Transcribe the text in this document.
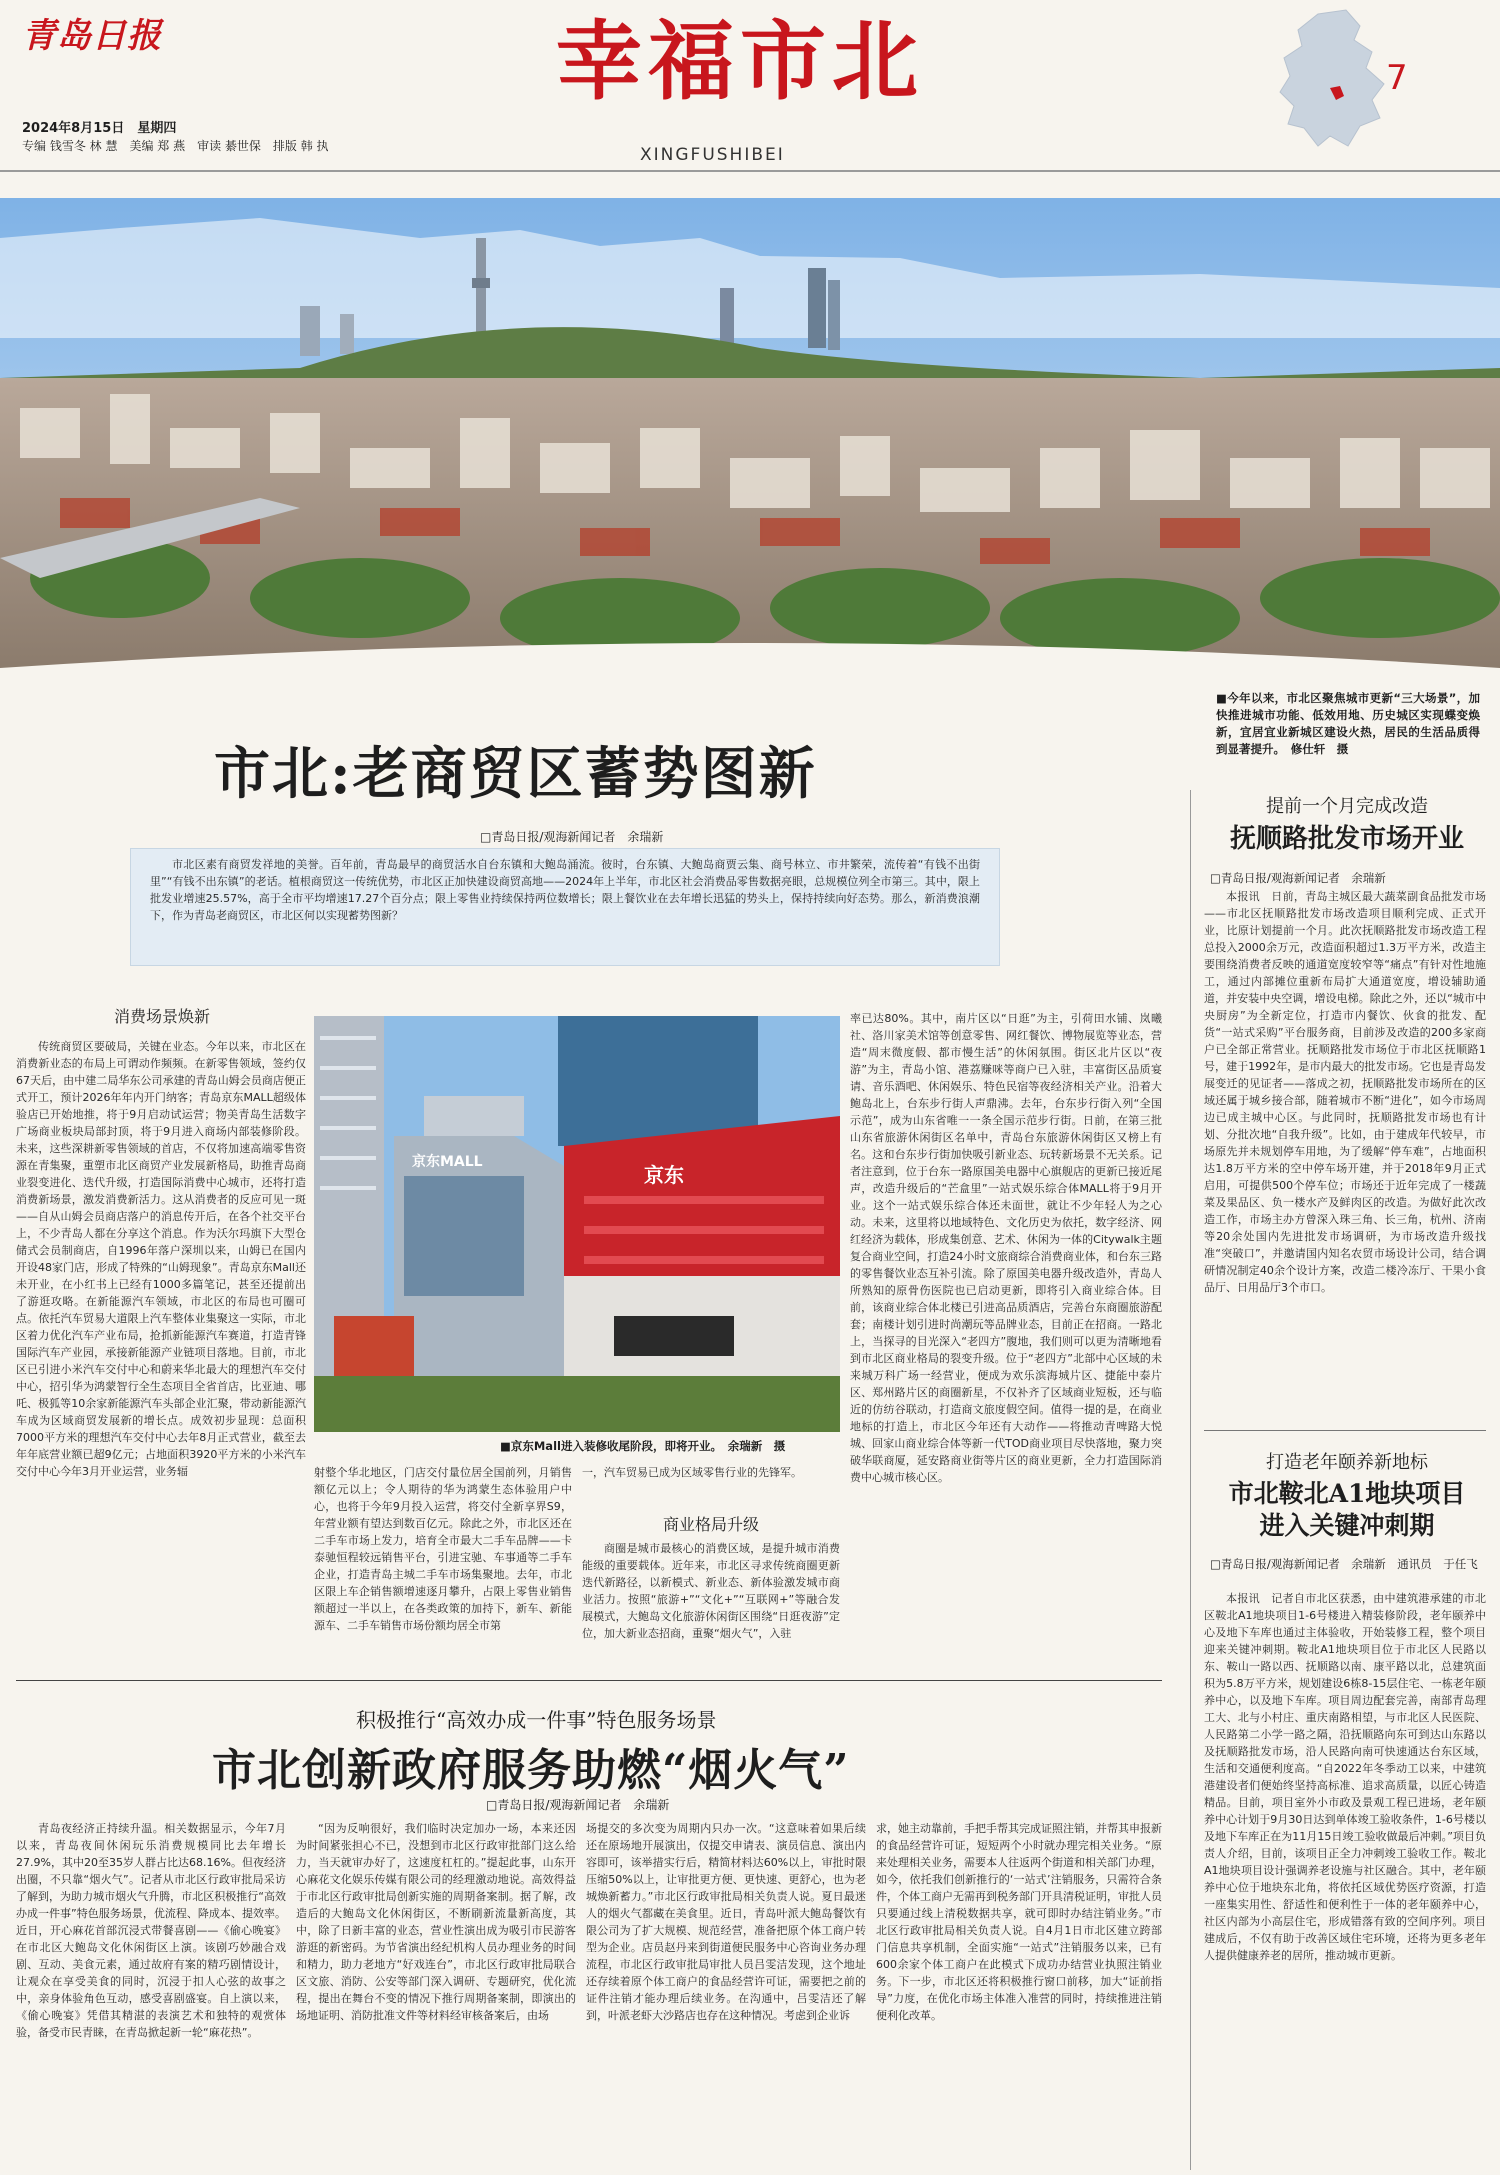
青岛日报
2024年8月15日　星期四
专编 钱雪冬 林 慧　美编 郑 燕　审读 綦世保　排版 韩 执
幸福市北
XINGFUSHIBEI
7
■今年以来，市北区聚焦城市更新“三大场景”，加快推进城市功能、低效用地、历史城区实现蝶变焕新，宜居宜业新城区建设火热，居民的生活品质得到显著提升。　修仕轩　摄
市北:老商贸区蓄势图新
□青岛日报/观海新闻记者　余瑞新
市北区素有商贸发祥地的美誉。百年前，青岛最早的商贸活水自台东镇和大鲍岛涌流。彼时，台东镇、大鲍岛商贾云集、商号林立、市井繁荣，流传着“有钱不出街里”“有钱不出东镇”的老话。植根商贸这一传统优势，市北区正加快建设商贸高地——2024年上半年，市北区社会消费品零售数据亮眼，总规模位列全市第三。其中，限上批发业增速25.57%，高于全市平均增速17.27个百分点；限上零售业持续保持两位数增长；限上餐饮业在去年增长迅猛的势头上，保持持续向好态势。那么，新消费浪潮下，作为青岛老商贸区，市北区何以实现蓄势图新？
消费场景焕新
传统商贸区要破局，关键在业态。今年以来，市北区在消费新业态的布局上可谓动作频频。在新零售领域，签约仅67天后，由中建二局华东公司承建的青岛山姆会员商店便正式开工，预计2026年年内开门纳客；青岛京东MALL超级体验店已开始地推，将于9月启动试运营；物美青岛生活数字广场商业板块局部封顶，将于9月进入商场内部装修阶段。未来，这些深耕新零售领域的首店，不仅将加速高端零售资源在青集聚，重塑市北区商贸产业发展新格局，助推青岛商业裂变进化、迭代升级，打造国际消费中心城市，还将打造消费新场景，激发消费新活力。这从消费者的反应可见一斑——自从山姆会员商店落户的消息传开后，在各个社交平台上，不少青岛人都在分享这个消息。作为沃尔玛旗下大型仓储式会员制商店，自1996年落户深圳以来，山姆已在国内开设48家门店，形成了特殊的“山姆现象”。青岛京东Mall还未开业，在小红书上已经有1000多篇笔记，甚至还提前出了游逛攻略。在新能源汽车领域，市北区的布局也可圈可点。依托汽车贸易大道限上汽车整体业集聚这一实际，市北区着力优化汽车产业布局，抢抓新能源汽车赛道，打造青锋国际汽车产业园，承接新能源产业链项目落地。目前，市北区已引进小米汽车交付中心和蔚来华北最大的理想汽车交付中心，招引华为鸿蒙智行全生态项目全省首店，比亚迪、哪吒、极狐等10余家新能源汽车头部企业汇聚，带动新能源汽车成为区域商贸发展新的增长点。成效初步显现：总面积7000平方米的理想汽车交付中心去年8月正式营业，截至去年年底营业额已超9亿元；占地面积3920平方米的小米汽车交付中心今年3月开业运营，业务辐
京东MALL
京东
■京东Mall进入装修收尾阶段，即将开业。　余瑞新　摄
射整个华北地区，门店交付量位居全国前列，月销售额亿元以上；令人期待的华为鸿蒙生态体验用户中心，也将于今年9月投入运营，将交付全新享界S9，年营业额有望达到数百亿元。除此之外，市北区还在二手车市场上发力，培育全市最大二手车品牌——卡泰驰恒程较远销售平台，引进宝驰、车事通等二手车企业，打造青岛主城二手车市场集聚地。去年，市北区限上车企销售额增速逐月攀升，占限上零售业销售额超过一半以上，在各类政策的加持下，新车、新能源车、二手车销售市场份额均居全市第
一，汽车贸易已成为区域零售行业的先锋军。
商业格局升级
商圈是城市最核心的消费区域，是提升城市消费能级的重要载体。近年来，市北区寻求传统商圈更新迭代新路径，以新模式、新业态、新体验激发城市商业活力。按照“旅游+”“文化+”“互联网+”等融合发展模式，大鲍岛文化旅游休闲街区围绕“日逛夜游”定位，加大新业态招商，重聚“烟火气”，入驻
率已达80%。其中，南片区以“日逛”为主，引荷田水铺、岚曦社、洛川家美术馆等创意零售、网红餐饮、博物展览等业态，营造“周末微度假、都市慢生活”的休闲氛围。街区北片区以“夜游”为主，青岛小馆、港荔赚咪等商户已入驻，丰富街区品质宴请、音乐酒吧、休闲娱乐、特色民宿等夜经济相关产业。沿着大鲍岛北上，台东步行街人声鼎沸。去年，台东步行街入列“全国示范”，成为山东省唯一一条全国示范步行街。日前，在第三批山东省旅游休闲街区名单中，青岛台东旅游休闲街区又榜上有名。这和台东步行街加快吸引新业态、玩转新场景不无关系。记者注意到，位于台东一路原国美电器中心旗舰店的更新已接近尾声，改造升级后的“芒盒里”一站式娱乐综合体MALL将于9月开业。这个一站式娱乐综合体还未面世，就让不少年轻人为之心动。未来，这里将以地域特色、文化历史为依托，数字经济、网红经济为载体，形成集创意、艺术、休闲为一体的Citywalk主题复合商业空间，打造24小时文旅商综合消费商业体，和台东三路的零售餐饮业态互补引流。除了原国美电器升级改造外，青岛人所熟知的原骨伤医院也已启动更新，即将引入商业综合体。目前，该商业综合体北楼已引进高品质酒店，完善台东商圈旅游配套；南楼计划引进时尚潮玩等品牌业态，目前正在招商。一路北上，当探寻的目光深入“老四方”腹地，我们则可以更为清晰地看到市北区商业格局的裂变升级。位于“老四方”北部中心区域的未来城万科广场一经营业，便成为欢乐滨海城片区、捷能中泰片区、郑州路片区的商圈新星，不仅补齐了区域商业短板，还与临近的仿纺谷联动，打造商文旅度假空间。值得一提的是，在商业地标的打造上，市北区今年还有大动作——将推动青啤路大悦城、回家山商业综合体等新一代TOD商业项目尽快落地，聚力突破华联商厦，延安路商业街等片区的商业更新，全力打造国际消费中心城市核心区。
积极推行“高效办成一件事”特色服务场景
市北创新政府服务助燃“烟火气”
□青岛日报/观海新闻记者　余瑞新
青岛夜经济正持续升温。相关数据显示，今年7月以来，青岛夜间休闲玩乐消费规模同比去年增长27.9%，其中20至35岁人群占比达68.16%。但夜经济出圈，不只靠“烟火气”。记者从市北区行政审批局采访了解到，为助力城市烟火气升腾，市北区积极推行“高效办成一件事”特色服务场景，优流程、降成本、提效率。近日，开心麻花首部沉浸式带餐喜剧——《偷心晚宴》在市北区大鲍岛文化休闲街区上演。该剧巧妙融合戏剧、互动、美食元素，通过故府有案的精巧剧情设计，让观众在享受美食的同时，沉浸于扣人心弦的故事之中，亲身体验角色互动，感受喜剧盛宴。自上演以来，《偷心晚宴》凭借其精湛的表演艺术和独特的观赏体验，备受市民青睐，在青岛掀起新一轮“麻花热”。
“因为反响很好，我们临时决定加办一场，本来还因为时间紧张担心不已，没想到市北区行政审批部门这么给力，当天就审办好了，这速度杠杠的。”提起此事，山东开心麻花文化娱乐传媒有限公司的经理激动地说。高效得益于市北区行政审批局创新实施的周期备案制。据了解，改造后的大鲍岛文化休闲街区，不断刷新流量新高度，其中，除了日新丰富的业态，营业性演出成为吸引市民游客游逛的新密码。为节省演出经纪机构人员办理业务的时间和精力，助力老地方“好戏连台”，市北区行政审批局联合区文旅、消防、公安等部门深入调研、专题研究，优化流程，提出在舞台不变的情况下推行周期备案制，即演出的场地证明、消防批准文件等材料经审核备案后，由场
场提交的多次变为周期内只办一次。“这意味着如果后续还在原场地开展演出，仅提交申请表、演员信息、演出内容即可，该举措实行后，精简材料达60%以上，审批时限压缩50%以上，让审批更方便、更快速、更舒心，也为老城焕新蓄力。”市北区行政审批局相关负责人说。夏日最迷人的烟火气都藏在美食里。近日，青岛叶派大鲍岛餐饮有限公司为了扩大规模、规范经营，准备把原个体工商户转型为企业。店员赵丹来到街道便民服务中心咨询业务办理流程，市北区行政审批局审批人员吕雯洁发现，这个地址还存续着原个体工商户的食品经营许可证，需要把之前的证件注销才能办理后续业务。在沟通中，吕雯洁还了解到，叶派老虾大沙路店也存在这种情况。考虑到企业诉
求，她主动靠前，手把手帮其完成证照注销，并帮其申报新的食品经营许可证，短短两个小时就办理完相关业务。“原来处理相关业务，需要本人往返两个街道和相关部门办理，如今，依托我们创新推行的‘一站式’注销服务，只需符合条件，个体工商户无需再到税务部门开具清税证明，审批人员只要通过线上清税数据共享，就可即时办结注销业务。”市北区行政审批局相关负责人说。自4月1日市北区建立跨部门信息共享机制，全面实施“一站式”注销服务以来，已有600余家个体工商户在此模式下成功办结营业执照注销业务。下一步，市北区还将积极推行窗口前移，加大“证前指导”力度，在优化市场主体准入准营的同时，持续推进注销便利化改革。
提前一个月完成改造
抚顺路批发市场开业
□青岛日报/观海新闻记者　余瑞新
本报讯　日前，青岛主城区最大蔬菜副食品批发市场——市北区抚顺路批发市场改造项目顺利完成、正式开业，比原计划提前一个月。此次抚顺路批发市场改造工程总投入2000余万元，改造面积超过1.3万平方米，改造主要围绕消费者反映的通道宽度较窄等“痛点”有针对性地施工，通过内部摊位重新布局扩大通道宽度，增设辅助通道，并安装中央空调，增设电梯。除此之外，还以“城市中央厨房”为全新定位，打造市内餐饮、伙食的批发、配货“一站式采购”平台服务商，目前涉及改造的200多家商户已全部正常营业。抚顺路批发市场位于市北区抚顺路1号，建于1992年，是市内最大的批发市场。它也是青岛发展变迁的见证者——落成之初，抚顺路批发市场所在的区域还属于城乡接合部，随着城市不断“进化”，如今市场周边已成主城中心区。与此同时，抚顺路批发市场也有计划、分批次地“自我升级”。比如，由于建成年代较早，市场原先并未规划停车用地，为了缓解“停车难”，占地面积达1.8万平方米的空中停车场开建，并于2018年9月正式启用，可提供500个停车位；市场还于近年完成了一楼蔬菜及果品区、负一楼水产及鲜肉区的改造。为做好此次改造工作，市场主办方曾深入珠三角、长三角，杭州、济南等20余处国内先进批发市场调研，为市场改造升级找准“突破口”，并邀请国内知名农贸市场设计公司，结合调研情况制定40余个设计方案，改造二楼冷冻厅、干果小食品厅、日用品厅3个市口。
打造老年颐养新地标
市北鞍北A1地块项目
进入关键冲刺期
□青岛日报/观海新闻记者　余瑞新　通讯员　于任飞
本报讯　记者自市北区获悉，由中建筑港承建的市北区鞍北A1地块项目1-6号楼进入精装修阶段，老年颐养中心及地下车库也通过主体验收，开始装修工程，整个项目迎来关键冲刺期。鞍北A1地块项目位于市北区人民路以东、鞍山一路以西、抚顺路以南、康平路以北，总建筑面积为5.8万平方米，规划建设6栋8-15层住宅、一栋老年颐养中心，以及地下车库。项目周边配套完善，南部青岛理工大、北与小村庄、重庆南路相望，与市北区人民医院、人民路第二小学一路之隔，沿抚顺路向东可到达山东路以及抚顺路批发市场，沿人民路向南可快速通达台东区域，生活和交通便利度高。“自2022年冬季动工以来，中建筑港建设者们便始终坚持高标准、追求高质量，以匠心铸造精品。目前，项目室外小市政及景观工程已进场，老年颐养中心计划于9月30日达到单体竣工验收条件，1-6号楼以及地下车库正在为11月15日竣工验收做最后冲刺。”项目负责人介绍，目前，该项目正全力冲刺竣工验收工作。鞍北A1地块项目设计强调养老设施与社区融合。其中，老年颐养中心位于地块东北角，将依托区域优势医疗资源，打造一座集实用性、舒适性和便利性于一体的老年颐养中心，社区内部为小高层住宅，形成错落有致的空间序列。项目建成后，不仅有助于改善区域住宅环境，还将为更多老年人提供健康养老的居所，推动城市更新。
